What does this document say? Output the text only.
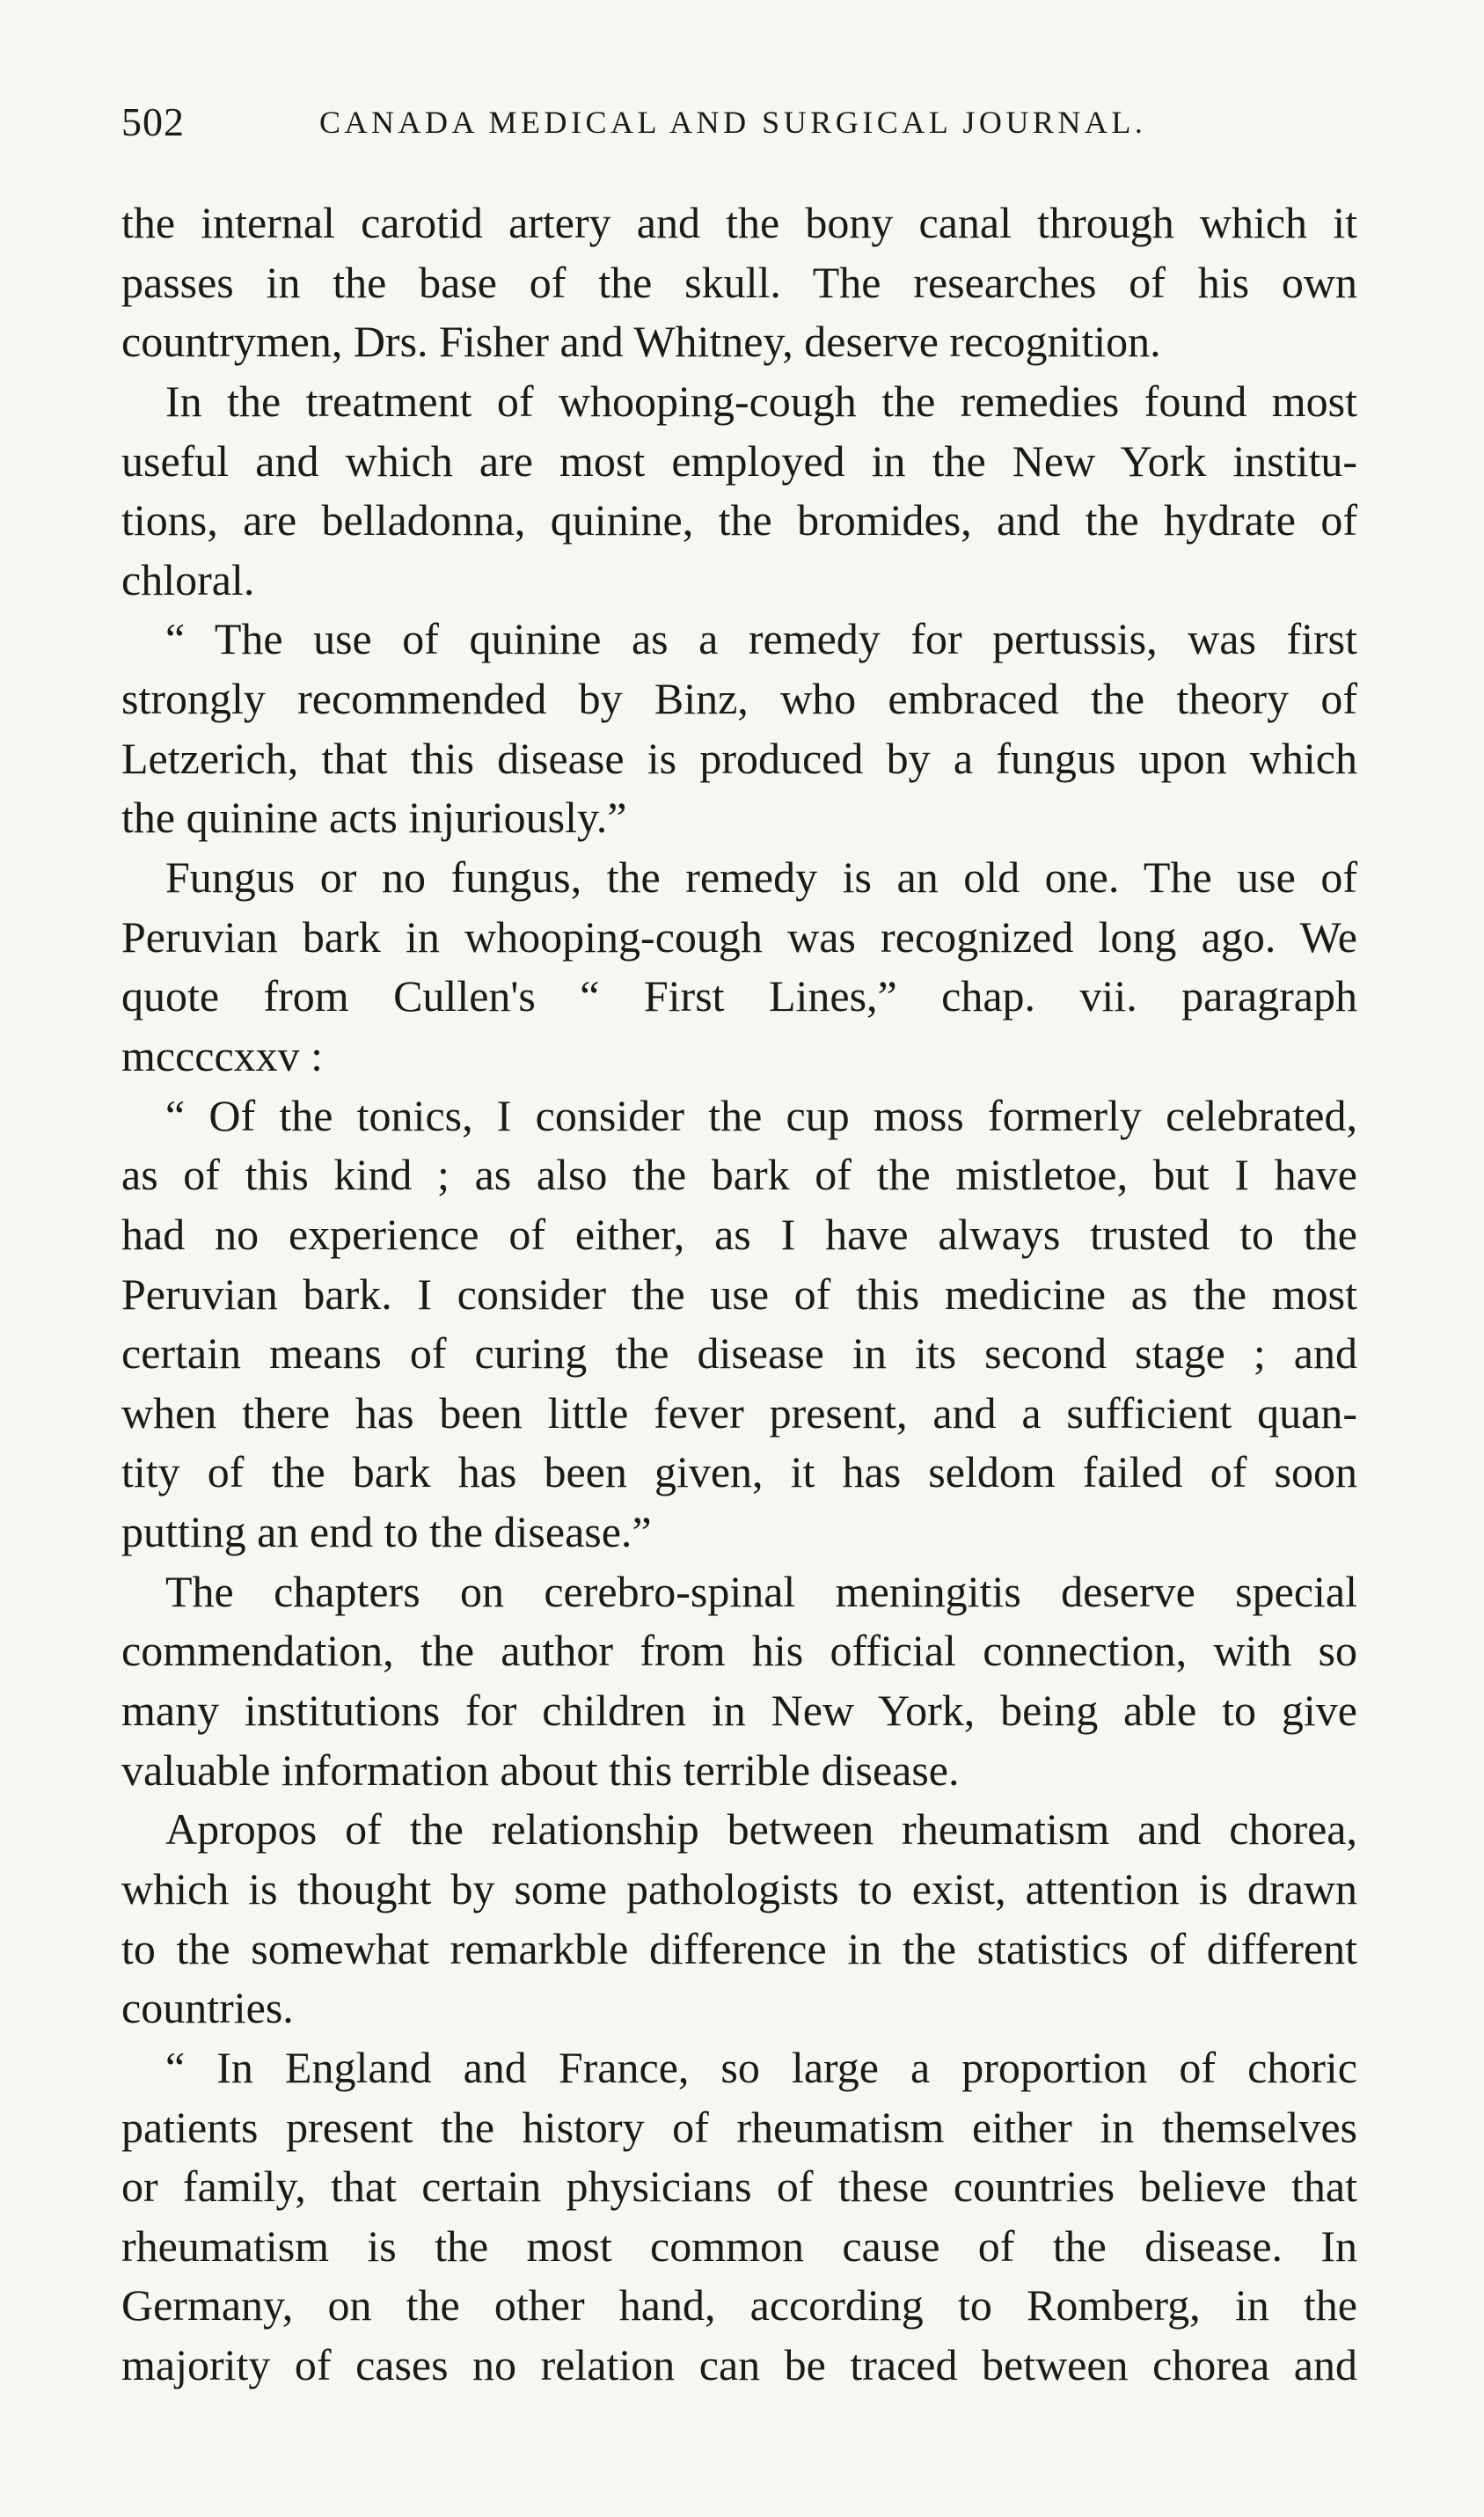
502	CANADA MEDICAL AND SURGICAL JOURNAL.
the internal carotid artery and the bony canal through which it
passes in the base of the skull. The researches of his own
countrymen, Drs. Fisher and Whitney, deserve recognition.
In the treatment of whooping-cough the remedies found most
useful and which are most employed in the New York institu-
tions, are belladonna, quinine, the bromides, and the hydrate of
chloral.
“ The use of quinine as a remedy for pertussis, was first
strongly recommended by Binz, who embraced the theory of
Letzerich, that this disease is produced by a fungus upon which
the quinine acts injuriously.”
Fungus or no fungus, the remedy is an old one. The use of
Peruvian bark in whooping-cough was recognized long ago. We
quote from Cullen's “ First Lines,” chap. vii. paragraph
mccccxxv :
“ Of the tonics, I consider the cup moss formerly celebrated,
as of this kind ; as also the bark of the mistletoe, but I have
had no experience of either, as I have always trusted to the
Peruvian bark. I consider the use of this medicine as the most
certain means of curing the disease in its second stage ; and
when there has been little fever present, and a sufficient quan-
tity of the bark has been given, it has seldom failed of soon
putting an end to the disease.”
The chapters on cerebro-spinal meningitis deserve special
commendation, the author from his official connection, with so
many institutions for children in New York, being able to give
valuable information about this terrible disease.
Apropos of the relationship between rheumatism and chorea,
which is thought by some pathologists to exist, attention is drawn
to the somewhat remarkble difference in the statistics of different
countries.
“ In England and France, so large a proportion of choric
patients present the history of rheumatism either in themselves
or family, that certain physicians of these countries believe that
rheumatism is the most common cause of the disease. In
Germany, on the other hand, according to Romberg, in the
majority of cases no relation can be traced between chorea and
